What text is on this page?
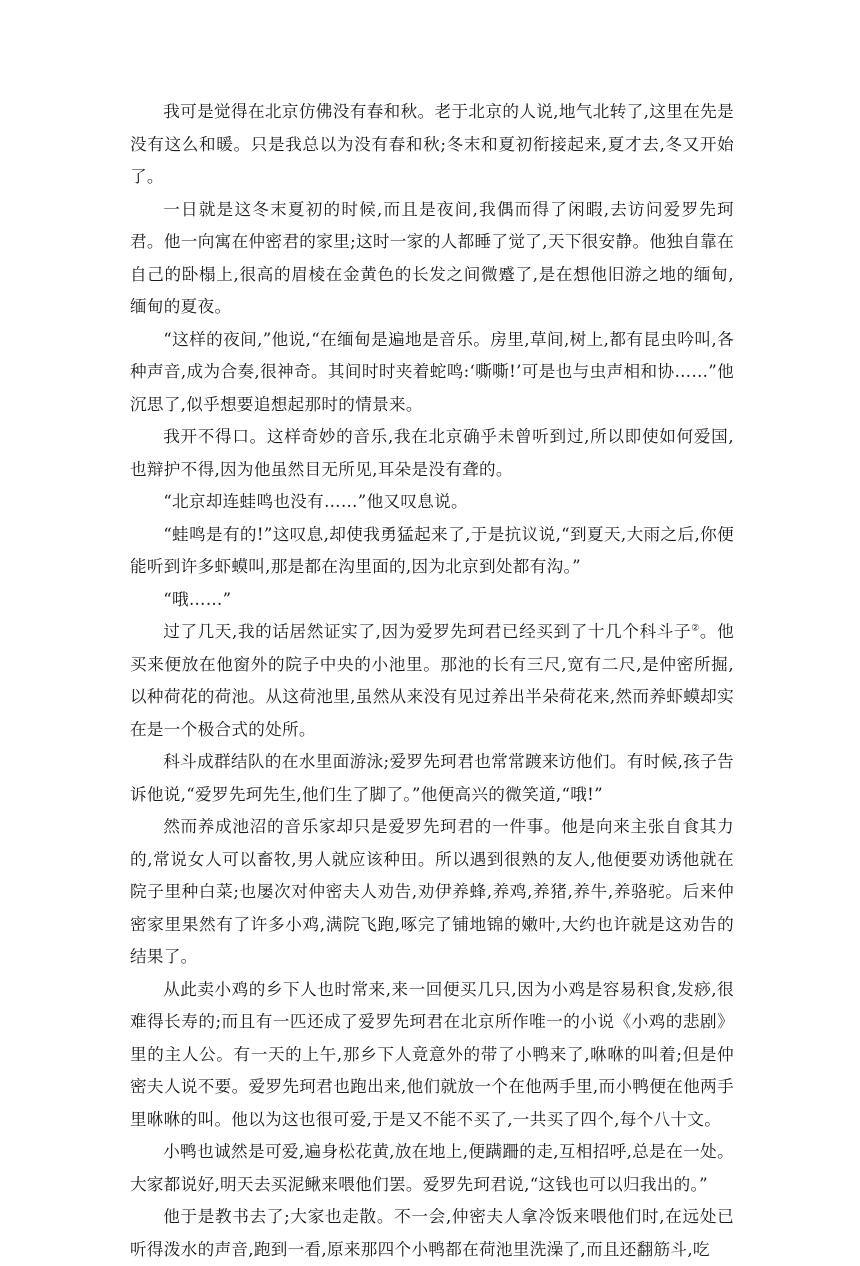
我可是觉得在北京仿佛没有春和秋。老于北京的人说,地气北转了,这里在先是没有这么和暖。只是我总以为没有春和秋;冬末和夏初衔接起来,夏才去,冬又开始了。

一日就是这冬末夏初的时候,而且是夜间,我偶而得了闲暇,去访问爱罗先珂君。他一向寓在仲密君的家里;这时一家的人都睡了觉了,天下很安静。他独自靠在自己的卧榻上,很高的眉棱在金黄色的长发之间微蹙了,是在想他旧游之地的缅甸,缅甸的夏夜。

“这样的夜间,”他说,“在缅甸是遍地是音乐。房里,草间,树上,都有昆虫吟叫,各种声音,成为合奏,很神奇。其间时时夹着蛇鸣:‘嘶嘶!’可是也与虫声相和协……”他沉思了,似乎想要追想起那时的情景来。

我开不得口。这样奇妙的音乐,我在北京确乎未曾听到过,所以即使如何爱国,也辩护不得,因为他虽然目无所见,耳朵是没有聋的。

“北京却连蛙鸣也没有……”他又叹息说。

“蛙鸣是有的!”这叹息,却使我勇猛起来了,于是抗议说,“到夏天,大雨之后,你便能听到许多虾蟆叫,那是都在沟里面的,因为北京到处都有沟。”

“哦……”

过了几天,我的话居然证实了,因为爱罗先珂君已经买到了十几个科斗子②。他买来便放在他窗外的院子中央的小池里。那池的长有三尺,宽有二尺,是仲密所掘,以种荷花的荷池。从这荷池里,虽然从来没有见过养出半朵荷花来,然而养虾蟆却实在是一个极合式的处所。

科斗成群结队的在水里面游泳;爱罗先珂君也常常踱来访他们。有时候,孩子告诉他说,“爱罗先珂先生,他们生了脚了。”他便高兴的微笑道,“哦!”

然而养成池沼的音乐家却只是爱罗先珂君的一件事。他是向来主张自食其力的,常说女人可以畜牧,男人就应该种田。所以遇到很熟的友人,他便要劝诱他就在院子里种白菜;也屡次对仲密夫人劝告,劝伊养蜂,养鸡,养猪,养牛,养骆驼。后来仲密家里果然有了许多小鸡,满院飞跑,啄完了铺地锦的嫩叶,大约也许就是这劝告的结果了。

从此卖小鸡的乡下人也时常来,来一回便买几只,因为小鸡是容易积食,发痧,很难得长寿的;而且有一匹还成了爱罗先珂君在北京所作唯一的小说《小鸡的悲剧》里的主人公。有一天的上午,那乡下人竟意外的带了小鸭来了,咻咻的叫着;但是仲密夫人说不要。爱罗先珂君也跑出来,他们就放一个在他两手里,而小鸭便在他两手里咻咻的叫。他以为这也很可爱,于是又不能不买了,一共买了四个,每个八十文。

小鸭也诚然是可爱,遍身松花黄,放在地上,便蹒跚的走,互相招呼,总是在一处。大家都说好,明天去买泥鳅来喂他们罢。爱罗先珂君说,“这钱也可以归我出的。”

他于是教书去了;大家也走散。不一会,仲密夫人拿冷饭来喂他们时,在远处已听得泼水的声音,跑到一看,原来那四个小鸭都在荷池里洗澡了,而且还翻筋斗,吃
